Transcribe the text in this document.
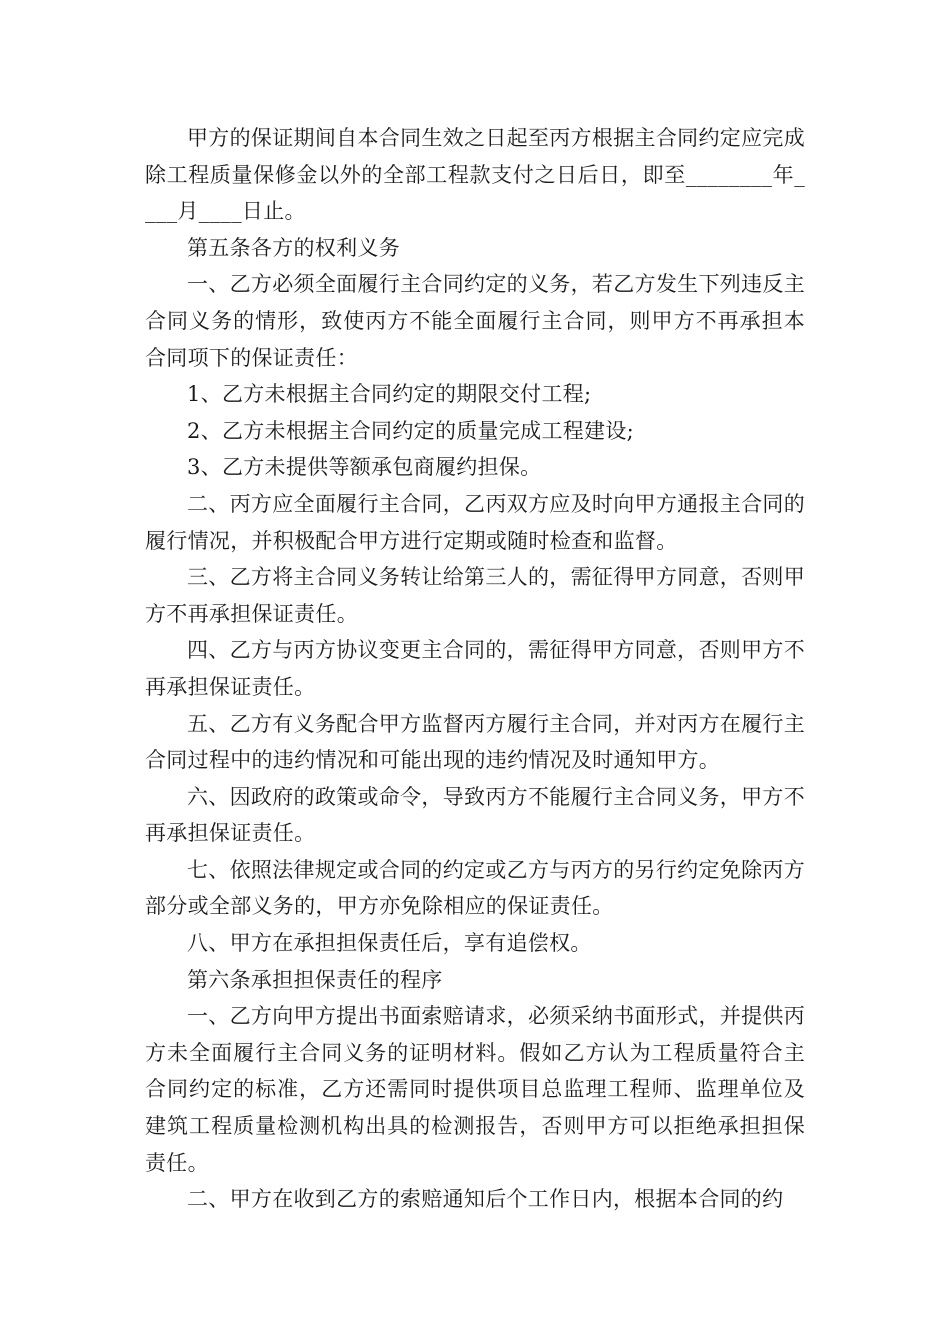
甲方的保证期间自本合同生效之日起至丙方根据主合同约定应完成除工程质量保修金以外的全部工程款支付之日后日，即至________年____月____日止。

第五条各方的权利义务

一、乙方必须全面履行主合同约定的义务，若乙方发生下列违反主合同义务的情形，致使丙方不能全面履行主合同，则甲方不再承担本合同项下的保证责任：

1、乙方未根据主合同约定的期限交付工程;

2、乙方未根据主合同约定的质量完成工程建设;

3、乙方未提供等额承包商履约担保。

二、丙方应全面履行主合同，乙丙双方应及时向甲方通报主合同的履行情况，并积极配合甲方进行定期或随时检查和监督。

三、乙方将主合同义务转让给第三人的，需征得甲方同意，否则甲方不再承担保证责任。

四、乙方与丙方协议变更主合同的，需征得甲方同意，否则甲方不再承担保证责任。

五、乙方有义务配合甲方监督丙方履行主合同，并对丙方在履行主合同过程中的违约情况和可能出现的违约情况及时通知甲方。

六、因政府的政策或命令，导致丙方不能履行主合同义务，甲方不再承担保证责任。

七、依照法律规定或合同的约定或乙方与丙方的另行约定免除丙方部分或全部义务的，甲方亦免除相应的保证责任。

八、甲方在承担担保责任后，享有追偿权。

第六条承担担保责任的程序

一、乙方向甲方提出书面索赔请求，必须采纳书面形式，并提供丙方未全面履行主合同义务的证明材料。假如乙方认为工程质量符合主合同约定的标准，乙方还需同时提供项目总监理工程师、监理单位及建筑工程质量检测机构出具的检测报告，否则甲方可以拒绝承担担保责任。

二、甲方在收到乙方的索赔通知后个工作日内，根据本合同的约
